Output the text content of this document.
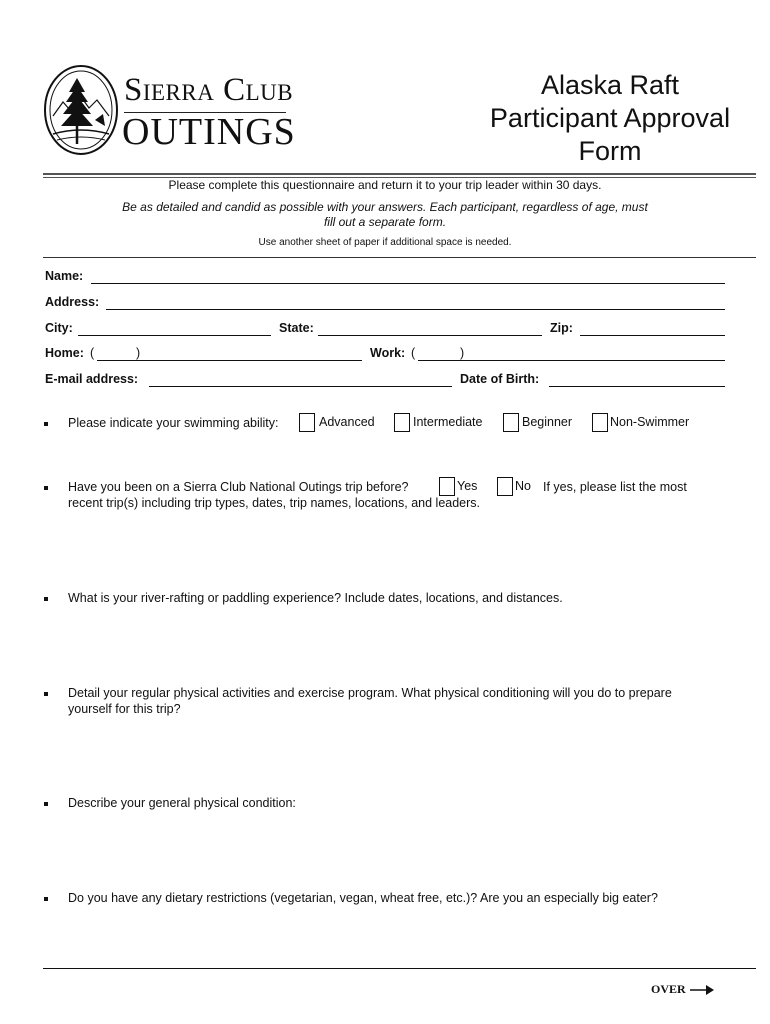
Sierra Club
OUTINGS
Alaska Raft
Participant Approval
Form
Please complete this questionnaire and return it to your trip leader within 30 days.
Be as detailed and candid as possible with your answers. Each participant, regardless of age, must
fill out a separate form.
Use another sheet of paper if additional space is needed.
Name:
Address:
City:	State:	Zip:
Home: (	)	Work: (	)
E-mail address:	Date of Birth:
Please indicate your swimming ability:	Advanced	Intermediate	Beginner	Non-Swimmer
Have you been on a Sierra Club National Outings trip before?	Yes	No If yes, please list the most
recent trip(s) including trip types, dates, trip names, locations, and leaders.
What is your river-rafting or paddling experience? Include dates, locations, and distances.
Detail your regular physical activities and exercise program. What physical conditioning will you do to prepare
yourself for this trip?
Describe your general physical condition:
Do you have any dietary restrictions (vegetarian, vegan, wheat free, etc.)? Are you an especially big eater?
OVER
